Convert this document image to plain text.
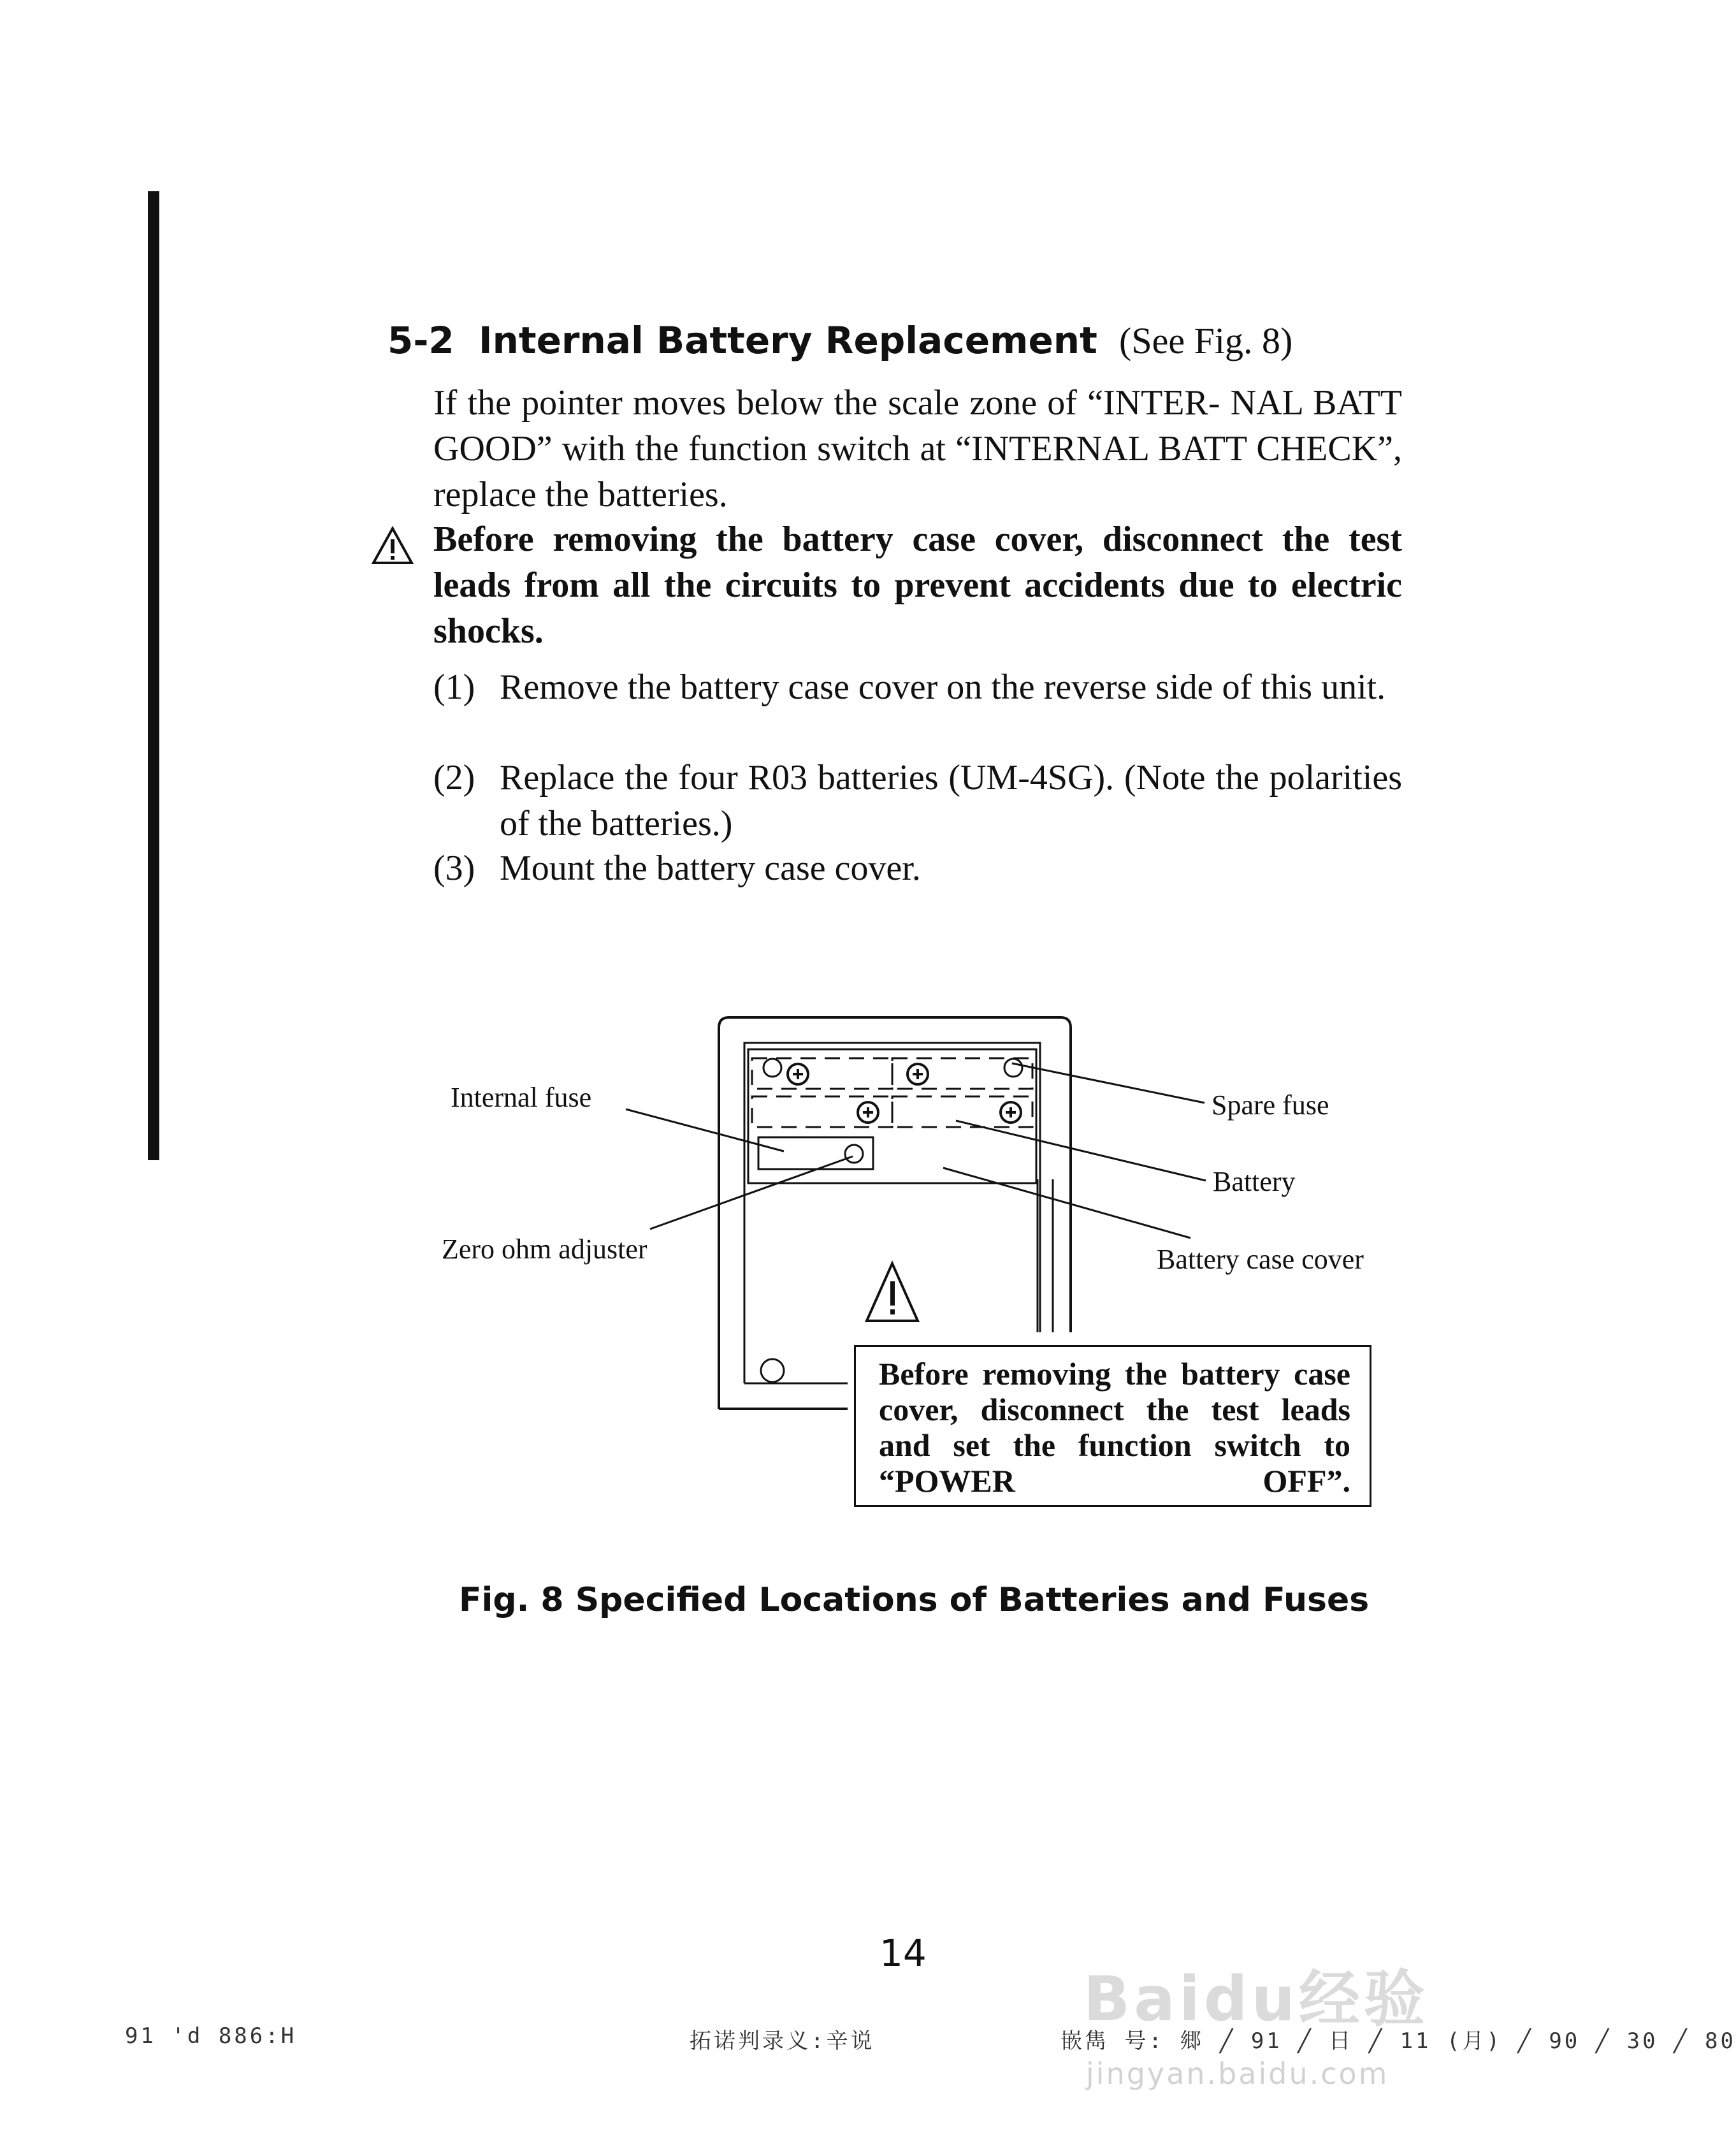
5-2 Internal Battery Replacement (See Fig. 8)
If the pointer moves below the scale zone of “INTER- NAL BATT GOOD” with the function switch at “INTERNAL BATT CHECK”, replace the batteries.
Before removing the battery case cover, disconnect the test leads from all the circuits to prevent accidents due to electric shocks.
(1) Remove the battery case cover on the reverse side of this unit.
(2) Replace the four R03 batteries (UM-4SG). (Note the polarities of the batteries.)
(3) Mount the battery case cover.
Internal fuse
Zero ohm adjuster
Spare fuse
Battery
Battery case cover
Before removing the battery case cover, disconnect the test leads and set the function switch to “POWER OFF”.
Fig. 8 Specified Locations of Batteries and Fuses
14
91 'd 886:H	拓诺判录义:辛说	嵌雋 号: 郷 ╱ 91 ╱ 日 ╱ 11 (月) ╱ 90 ╱ 30 ╱ 80
Baidu经验
jingyan.baidu.com
